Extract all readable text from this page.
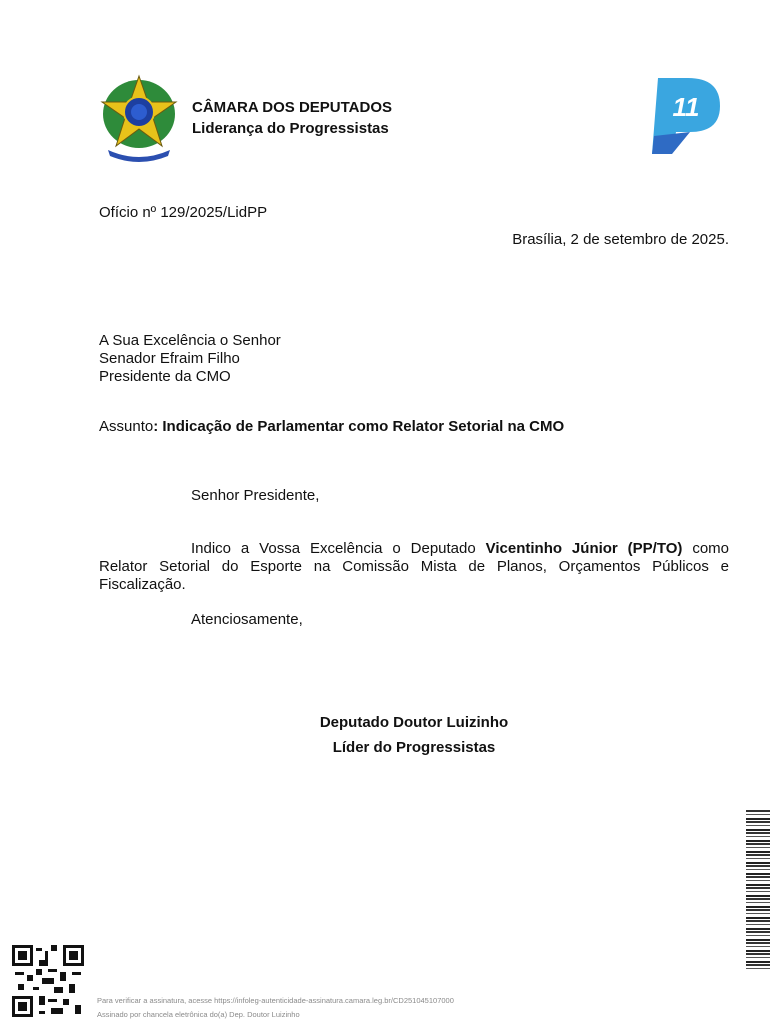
CÂMARA DOS DEPUTADOS
Liderança do Progressistas
11
Ofício nº 129/2025/LidPP
Brasília, 2 de setembro de 2025.
A Sua Excelência o Senhor
Senador Efraim Filho
Presidente da CMO
Assunto: Indicação de Parlamentar como Relator Setorial na CMO
Senhor Presidente,
Indico a Vossa Excelência o Deputado Vicentinho Júnior (PP/TO) como Relator Setorial do Esporte na Comissão Mista de Planos, Orçamentos Públicos e Fiscalização.
Atenciosamente,
Deputado Doutor Luizinho
Líder do Progressistas
Para verificar a assinatura, acesse https://infoleg-autenticidade-assinatura.camara.leg.br/CD251045107000
Assinado por chancela eletrônica do(a) Dep. Doutor Luizinho
